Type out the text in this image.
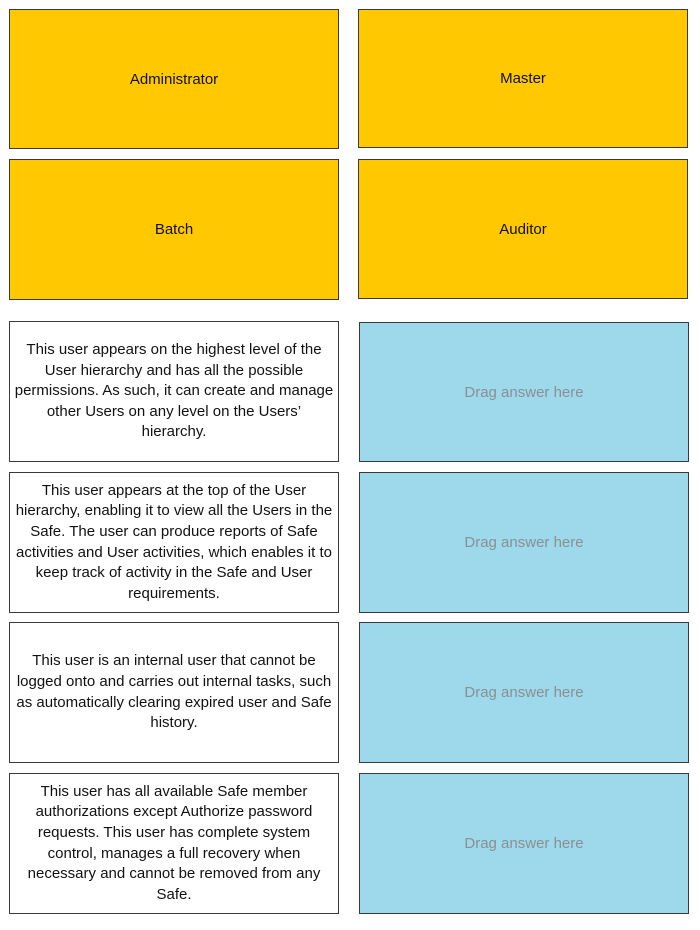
Administrator	Master
Batch	Auditor
This user appears on the highest level of the User hierarchy and has all the possible permissions. As such, it can create and manage other Users on any level on the Users’ hierarchy.
This user appears at the top of the User hierarchy, enabling it to view all the Users in the Safe. The user can produce reports of Safe activities and User activities, which enables it to keep track of activity in the Safe and User requirements.
This user is an internal user that cannot be logged onto and carries out internal tasks, such as automatically clearing expired user and Safe history.
This user has all available Safe member authorizations except Authorize password requests. This user has complete system control, manages a full recovery when necessary and cannot be removed from any Safe.
Drag answer here
Drag answer here
Drag answer here
Drag answer here
